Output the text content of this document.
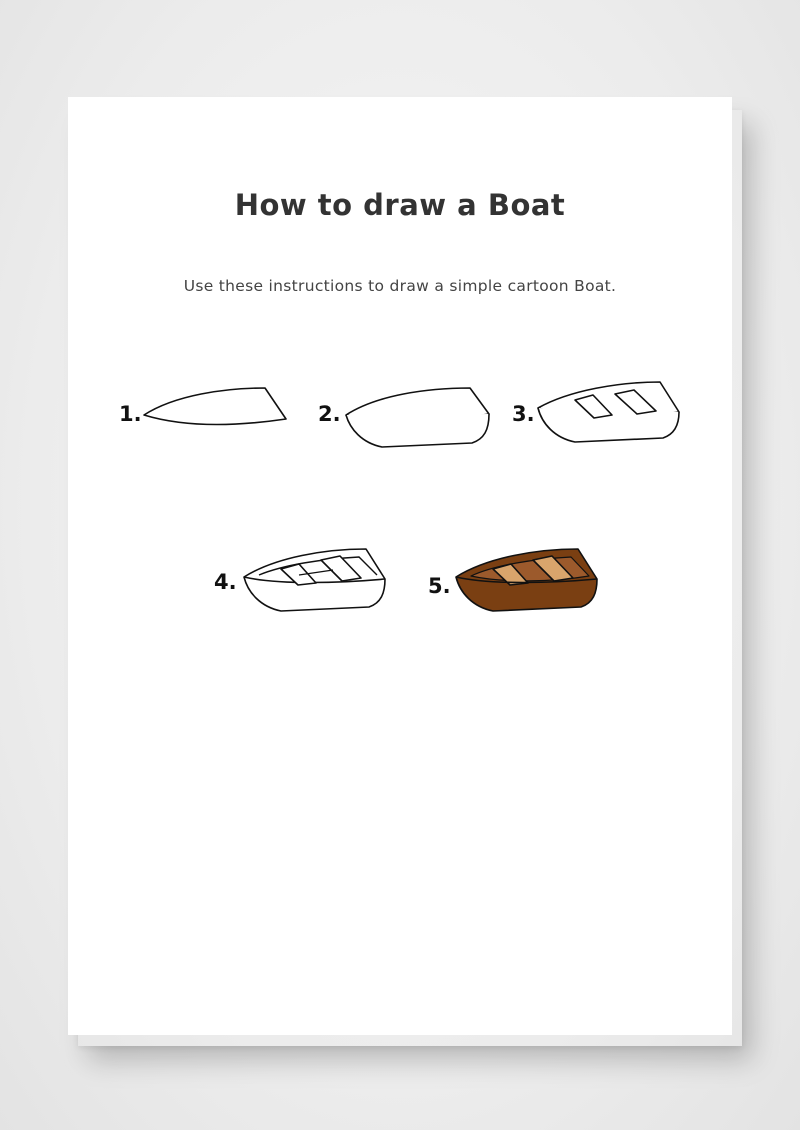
How to draw a Boat
Use these instructions to draw a simple cartoon Boat.
1.	2.	3.
4.	5.
